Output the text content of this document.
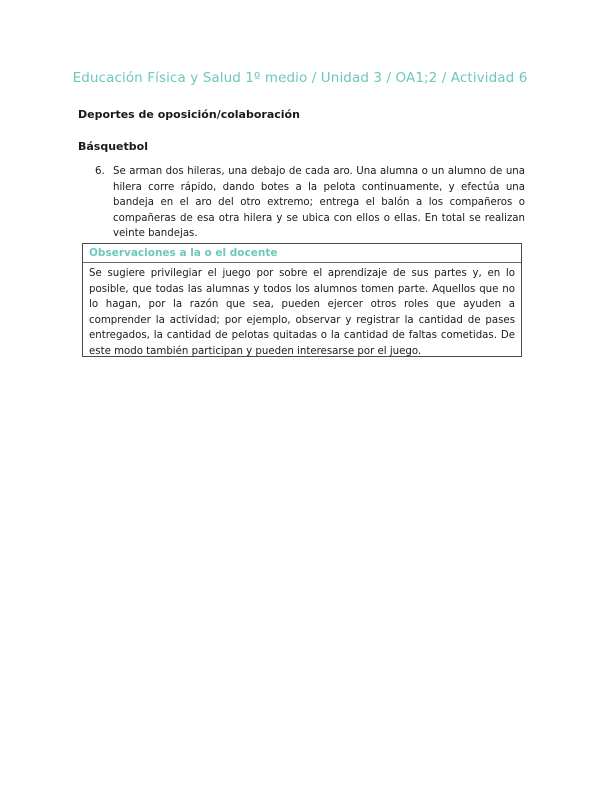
Educación Física y Salud 1º medio / Unidad 3 / OA1;2 / Actividad 6
Deportes de oposición/colaboración
Básquetbol
6. Se arman dos hileras, una debajo de cada aro. Una alumna o un alumno de una hilera corre rápido, dando botes a la pelota continuamente, y efectúa una bandeja en el aro del otro extremo; entrega el balón a los compañeros o compañeras de esa otra hilera y se ubica con ellos o ellas. En total se realizan veinte bandejas.
Observaciones a la o el docente
Se sugiere privilegiar el juego por sobre el aprendizaje de sus partes y, en lo posible, que todas las alumnas y todos los alumnos tomen parte. Aquellos que no lo hagan, por la razón que sea, pueden ejercer otros roles que ayuden a comprender la actividad; por ejemplo, observar y registrar la cantidad de pases entregados, la cantidad de pelotas quitadas o la cantidad de faltas cometidas. De este modo también participan y pueden interesarse por el juego.
